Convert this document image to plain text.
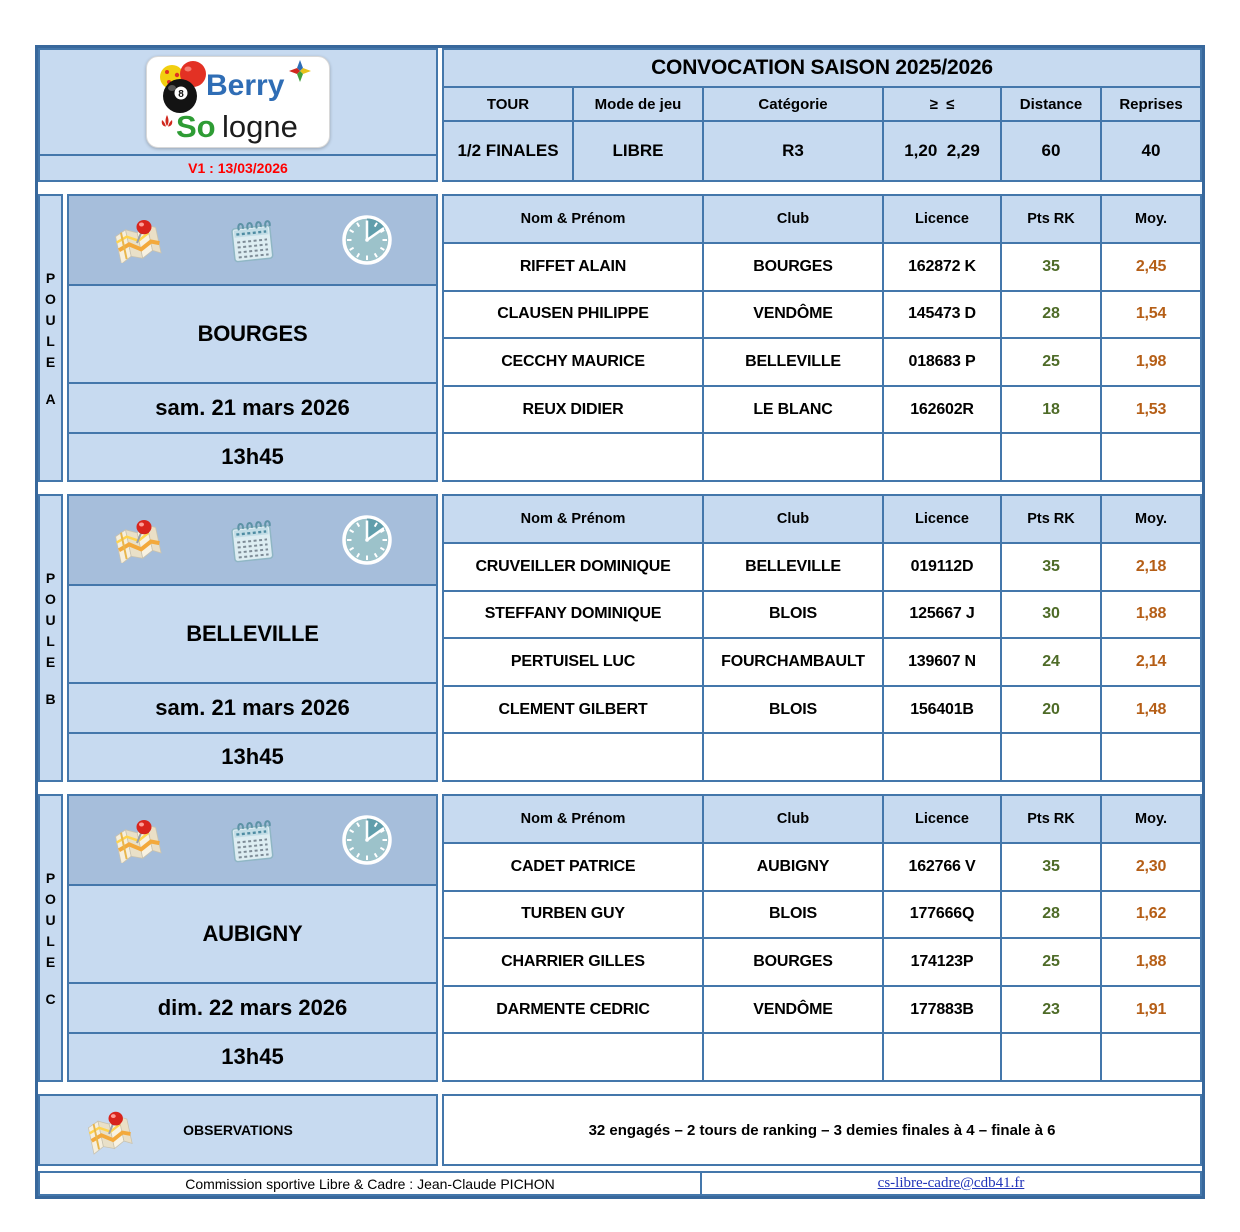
8 Berry
So logne
V1 : 13/03/2026
CONVOCATION SAISON 2025/2026
TOUR	Mode de jeu	Catégorie	≥  ≤	Distance	Reprises
1/2 FINALES	LIBRE	R3	1,20  2,29	60	40
POULE
A
BOURGES
sam. 21 mars 2026
13h45
Nom & Prénom	Club	Licence	Pts RK	Moy.
RIFFET ALAIN	BOURGES	162872 K	35	2,45
CLAUSEN PHILIPPE	VENDÔME	145473 D	28	1,54
CECCHY MAURICE	BELLEVILLE	018683 P	25	1,98
REUX DIDIER	LE BLANC	162602R	18	1,53
POULE
B
BELLEVILLE
sam. 21 mars 2026
13h45
Nom & Prénom	Club	Licence	Pts RK	Moy.
CRUVEILLER DOMINIQUE	BELLEVILLE	019112D	35	2,18
STEFFANY DOMINIQUE	BLOIS	125667 J	30	1,88
PERTUISEL LUC	FOURCHAMBAULT	139607 N	24	2,14
CLEMENT GILBERT	BLOIS	156401B	20	1,48
POULE
C
AUBIGNY
dim. 22 mars 2026
13h45
Nom & Prénom	Club	Licence	Pts RK	Moy.
CADET PATRICE	AUBIGNY	162766 V	35	2,30
TURBEN GUY	BLOIS	177666Q	28	1,62
CHARRIER GILLES	BOURGES	174123P	25	1,88
DARMENTE CEDRIC	VENDÔME	177883B	23	1,91
OBSERVATIONS	32 engagés – 2 tours de ranking – 3 demies finales à 4 – finale à 6
Commission sportive Libre & Cadre : Jean-Claude PICHON	cs-libre-cadre@cdb41.fr
